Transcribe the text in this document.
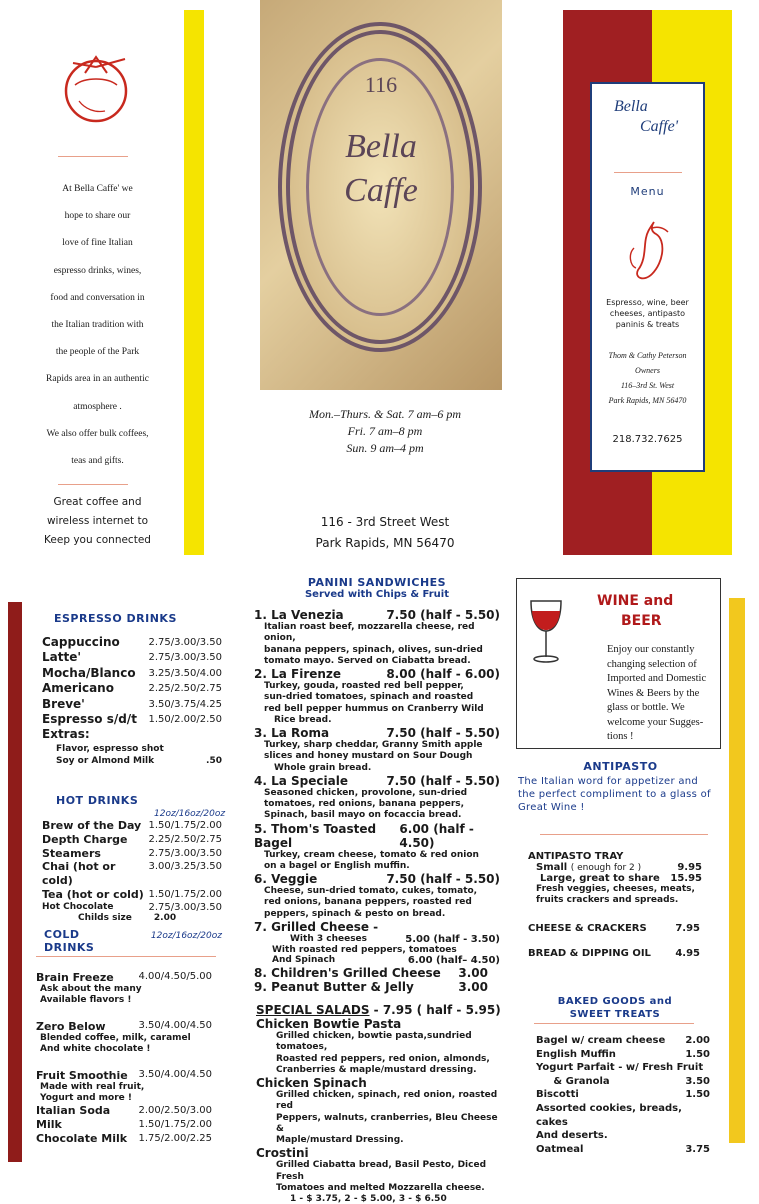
At Bella Caffe' we

hope to share our

love of fine Italian

espresso drinks, wines,

food and conversation in

the Italian tradition with

the people of the Park

Rapids area in an authentic

atmosphere .

We also offer bulk coffees,

teas and gifts.

Great coffee and
wireless internet to
Keep you connected
116
Bella
Caffe
Mon.–Thurs. & Sat. 7 am–6 pm
Fri. 7 am–8 pm
Sun. 9 am–4 pm
116 - 3rd Street West
Park Rapids, MN 56470
Bella
Caffe'
Menu
Espresso, wine, beer
cheeses, antipasto
paninis & treats
Thom & Cathy Peterson
Owners
116–3rd St. West
Park Rapids, MN 56470
218.732.7625
ESPRESSO DRINKS
Cappuccino	2.75/3.00/3.50
Latte'	2.75/3.00/3.50
Mocha/Blanco 3.25/3.50/4.00
Americano	2.25/2.50/2.75
Breve'	3.50/3.75/4.25
Espresso s/d/t 1.50/2.00/2.50
Extras:
Flavor, espresso shot
Soy or Almond Milk	.50
HOT DRINKS
12oz/16oz/20oz
Brew of the Day 1.50/1.75/2.00
Depth Charge 2.25/2.50/2.75
Steamers	2.75/3.00/3.50
Chai (hot or cold)
3.00/3.25/3.50
Tea (hot or cold) 1.50/1.75/2.00
Hot Chocolate	2.75/3.00/3.50
Childs size 2.00
COLD DRINKS
12oz/16oz/20oz
Brain Freeze 4.00/4.50/5.00
Ask about the many
Available flavors !
Zero Below	3.50/4.00/4.50
Blended coffee, milk, caramel
And white chocolate !
Fruit Smoothie 3.50/4.00/4.50
Made with real fruit,
Yogurt and more !
Italian Soda	2.00/2.50/3.00
Milk	1.50/1.75/2.00
Chocolate Milk 1.75/2.00/2.25
PANINI SANDWICHES
Served with Chips & Fruit
1. La Venezia	7.50 (half - 5.50)
Italian roast beef, mozzarella cheese, red onion,
banana peppers, spinach, olives, sun-dried
tomato mayo. Served on Ciabatta bread.
2. La Firenze	8.00 (half - 6.00)
Turkey, gouda, roasted red bell pepper,
sun-dried tomatoes, spinach and roasted
red bell pepper hummus on Cranberry Wild
Rice bread.
3. La Roma	7.50 (half - 5.50)
Turkey, sharp cheddar, Granny Smith apple
slices and honey mustard on Sour Dough
Whole grain bread.
4. La Speciale	7.50 (half - 5.50)
Seasoned chicken, provolone, sun-dried
tomatoes, red onions, banana peppers,
Spinach, basil mayo on focaccia bread.
5. Thom's Toasted Bagel
6.00 (half - 4.50)
Turkey, cream cheese, tomato & red onion
on a bagel or English muffin.
6. Veggie	7.50 (half - 5.50)
Cheese, sun-dried tomato, cukes, tomato,
red onions, banana peppers, roasted red
peppers, spinach & pesto on bread.
7. Grilled Cheese -
With 3 cheeses	5.00 (half - 3.50)
With roasted red peppers, tomatoes
And Spinach	6.00 (half– 4.50)
8. Children's Grilled Cheese 3.00
9. Peanut Butter & Jelly	3.00
SPECIAL SALADS - 7.95 ( half - 5.95)
Chicken Bowtie Pasta
Grilled chicken, bowtie pasta,sundried tomatoes,
Roasted red peppers, red onion, almonds,
Cranberries & maple/mustard dressing.
Chicken Spinach
Grilled chicken, spinach, red onion, roasted red
Peppers, walnuts, cranberries, Bleu Cheese &
Maple/mustard Dressing.
Crostini
Grilled Ciabatta bread, Basil Pesto, Diced Fresh
Tomatoes and melted Mozzarella cheese.
1 - $ 3.75, 2 - $ 5.00, 3 - $ 6.50
WINE and
BEER
Enjoy our constantly
changing selection of
Imported and Domestic
Wines & Beers by the
glass or bottle. We
welcome your Sugges-
tions !
ANTIPASTO
The Italian word for appetizer and
the perfect compliment to a glass of
Great Wine !
ANTIPASTO TRAY
Small ( enough for 2 )	9.95
Large, great to share 15.95
Fresh veggies, cheeses, meats,
fruits crackers and spreads.
CHEESE & CRACKERS	7.95
BREAD & DIPPING OIL 4.95
BAKED GOODS and
SWEET TREATS
Bagel w/ cream cheese 2.00
English Muffin	1.50
Yogurt Parfait - w/ Fresh Fruit
& Granola	3.50
Biscotti	1.50
Assorted cookies, breads, cakes
And deserts.
Oatmeal	3.75
